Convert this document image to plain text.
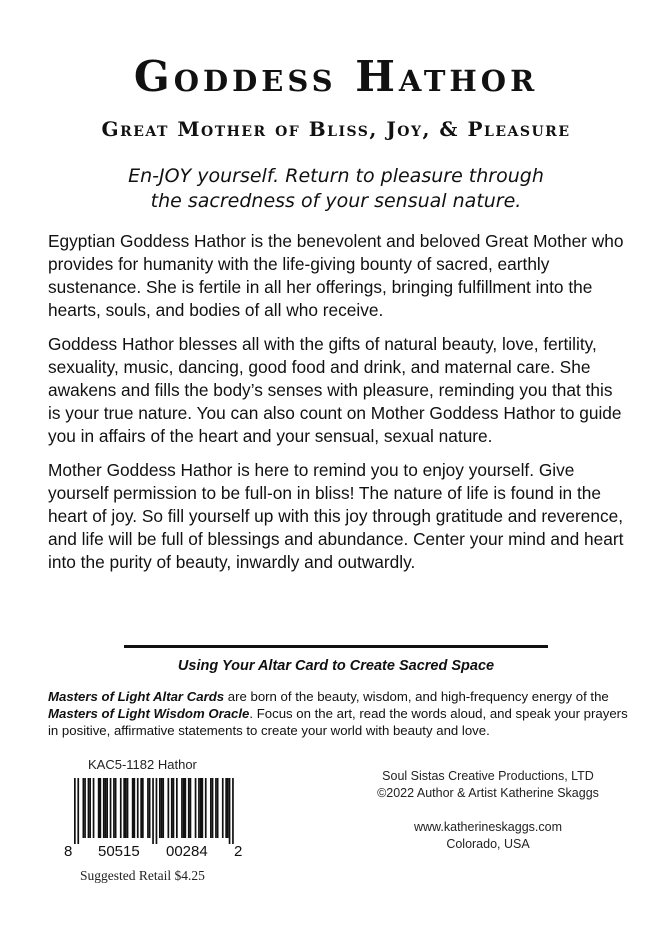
Goddess Hathor
Great Mother of Bliss, Joy, & Pleasure
En-JOY yourself. Return to pleasure through
the sacredness of your sensual nature.

Egyptian Goddess Hathor is the benevolent and beloved Great Mother who provides for humanity with the life-giving bounty of sacred, earthly sustenance. She is fertile in all her offerings, bringing fulfillment into the hearts, souls, and bodies of all who receive.

Goddess Hathor blesses all with the gifts of natural beauty, love, fertility, sexuality, music, dancing, good food and drink, and maternal care. She awakens and fills the body’s senses with pleasure, reminding you that this is your true nature. You can also count on Mother Goddess Hathor to guide you in affairs of the heart and your sensual, sexual nature.

Mother Goddess Hathor is here to remind you to enjoy yourself. Give yourself permission to be full-on in bliss! The nature of life is found in the heart of joy. So fill yourself up with this joy through gratitude and reverence, and life will be full of blessings and abundance. Center your mind and heart into the purity of beauty, inwardly and outwardly.

Using Your Altar Card to Create Sacred Space
Masters of Light Altar Cards are born of the beauty, wisdom, and high-frequency energy of the Masters of Light Wisdom Oracle. Focus on the art, read the words aloud, and speak your prayers in positive, affirmative statements to create your world with beauty and love.
KAC5-1182 Hathor
8 50515 00284 2
Suggested Retail $4.25
Soul Sistas Creative Productions, LTD
©2022 Author & Artist Katherine Skaggs
www.katherineskaggs.com
Colorado, USA
